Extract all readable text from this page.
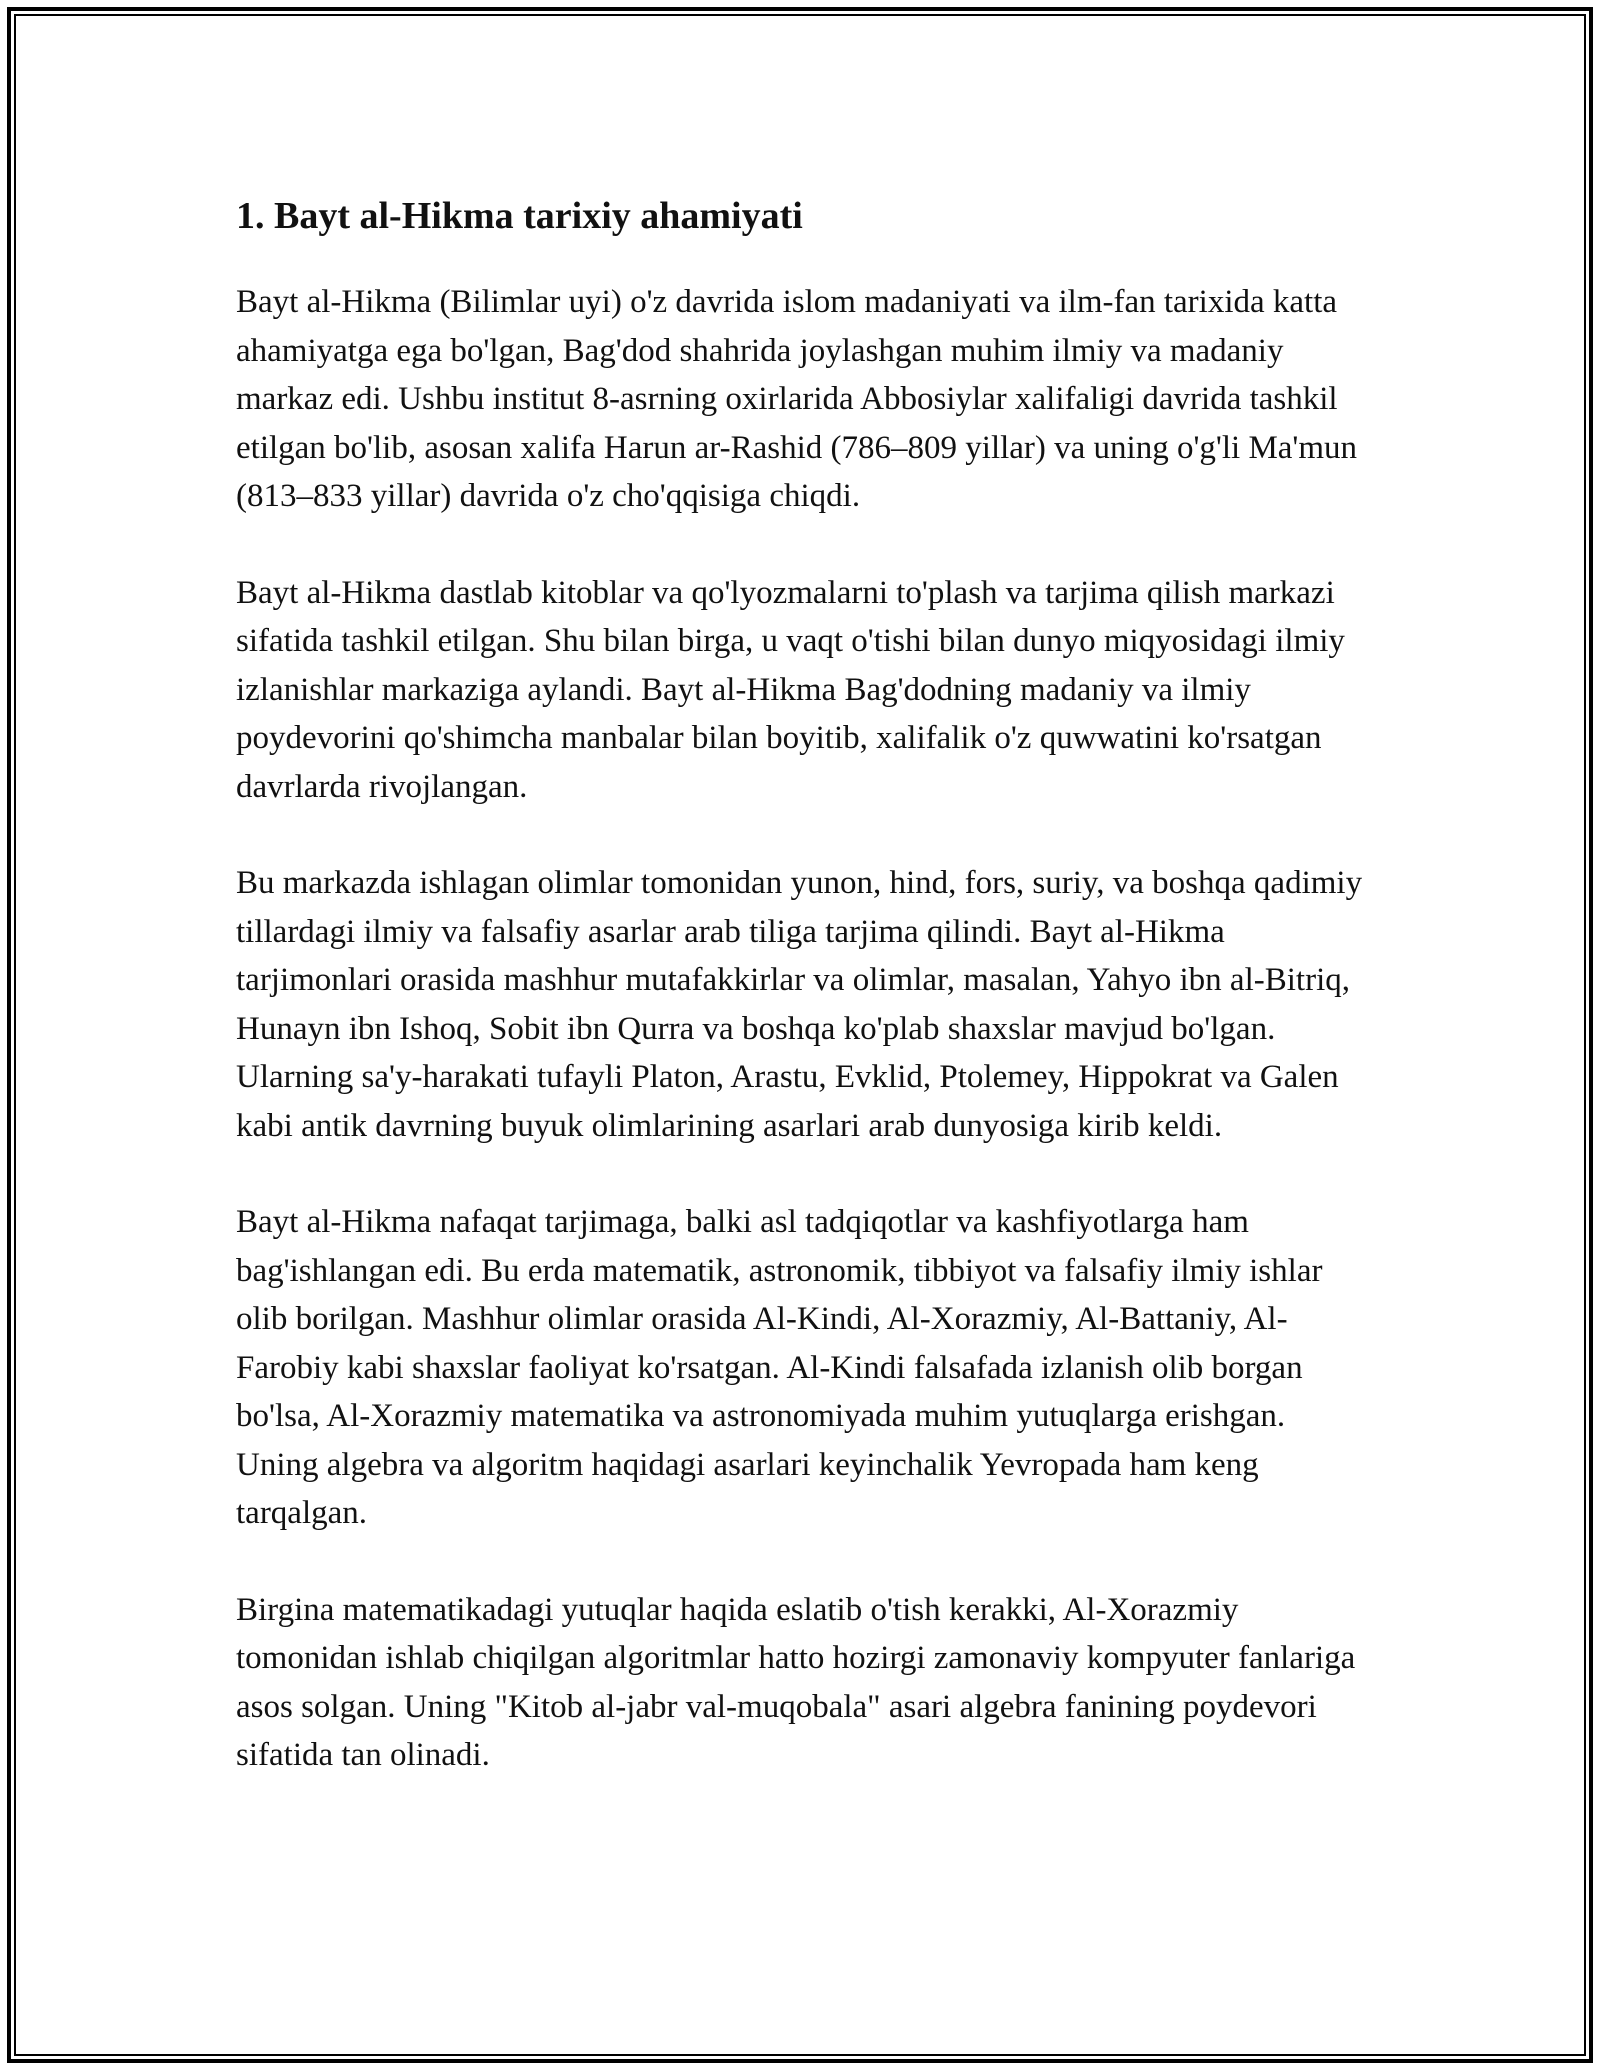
1. Bayt al-Hikma tarixiy ahamiyati

Bayt al-Hikma (Bilimlar uyi) o'z davrida islom madaniyati va ilm-fan tarixida katta ahamiyatga ega bo'lgan, Bag'dod shahrida joylashgan muhim ilmiy va madaniy markaz edi. Ushbu institut 8-asrning oxirlarida Abbosiylar xalifaligi davrida tashkil etilgan bo'lib, asosan xalifa Harun ar-Rashid (786–809 yillar) va uning o'g'li Ma'mun (813–833 yillar) davrida o'z cho'qqisiga chiqdi.

Bayt al-Hikma dastlab kitoblar va qo'lyozmalarni to'plash va tarjima qilish markazi sifatida tashkil etilgan. Shu bilan birga, u vaqt o'tishi bilan dunyo miqyosidagi ilmiy izlanishlar markaziga aylandi. Bayt al-Hikma Bag'dodning madaniy va ilmiy poydevorini qo'shimcha manbalar bilan boyitib, xalifalik o'z quwwatini ko'rsatgan davrlarda rivojlangan.

Bu markazda ishlagan olimlar tomonidan yunon, hind, fors, suriy, va boshqa qadimiy tillardagi ilmiy va falsafiy asarlar arab tiliga tarjima qilindi. Bayt al-Hikma tarjimonlari orasida mashhur mutafakkirlar va olimlar, masalan, Yahyo ibn al-Bitriq, Hunayn ibn Ishoq, Sobit ibn Qurra va boshqa ko'plab shaxslar mavjud bo'lgan. Ularning sa'y-harakati tufayli Platon, Arastu, Evklid, Ptolemey, Hippokrat va Galen kabi antik davrning buyuk olimlarining asarlari arab dunyosiga kirib keldi.

Bayt al-Hikma nafaqat tarjimaga, balki asl tadqiqotlar va kashfiyotlarga ham bag'ishlangan edi. Bu erda matematik, astronomik, tibbiyot va falsafiy ilmiy ishlar olib borilgan. Mashhur olimlar orasida Al-Kindi, Al-Xorazmiy, Al-Battaniy, Al-Farobiy kabi shaxslar faoliyat ko'rsatgan. Al-Kindi falsafada izlanish olib borgan bo'lsa, Al-Xorazmiy matematika va astronomiyada muhim yutuqlarga erishgan. Uning algebra va algoritm haqidagi asarlari keyinchalik Yevropada ham keng tarqalgan.

Birgina matematikadagi yutuqlar haqida eslatib o'tish kerakki, Al-Xorazmiy tomonidan ishlab chiqilgan algoritmlar hatto hozirgi zamonaviy kompyuter fanlariga asos solgan. Uning "Kitob al-jabr val-muqobala" asari algebra fanining poydevori sifatida tan olinadi.
